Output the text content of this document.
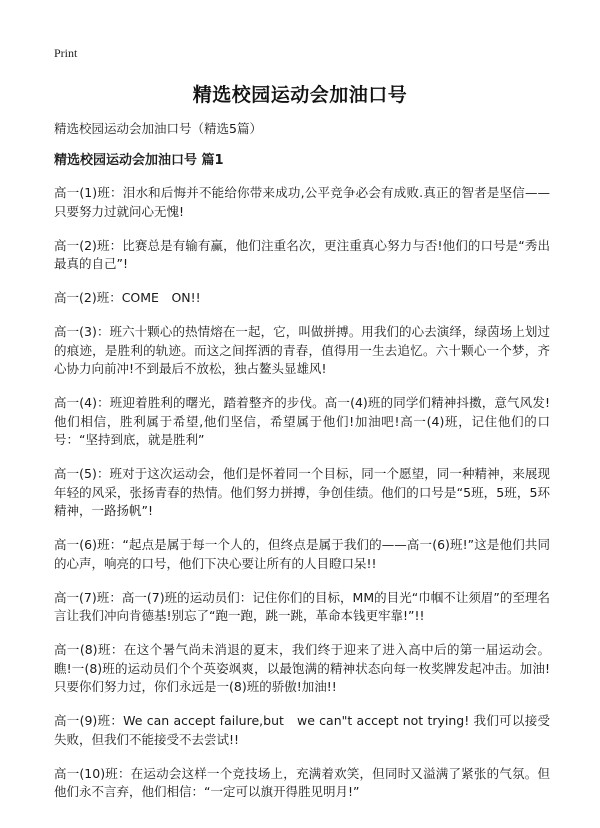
Print
精选校园运动会加油口号

精选校园运动会加油口号（精选5篇）

精选校园运动会加油口号 篇1

高一(1)班：泪水和后悔并不能给你带来成功,公平竞争必会有成败.真正的智者是坚信——只要努力过就问心无愧!

高一(2)班：比赛总是有输有赢，他们注重名次，更注重真心努力与否!他们的口号是“秀出最真的自己”!

高一(2)班：COME　ON!!

高一(3)：班六十颗心的热情熔在一起，它，叫做拼搏。用我们的心去演绎，绿茵场上划过的痕迹，是胜利的轨迹。而这之间挥洒的青春，值得用一生去追忆。六十颗心一个梦，齐心协力向前冲!不到最后不放松，独占鳌头显雄风!

高一(4)：班迎着胜利的曙光，踏着整齐的步伐。高一(4)班的同学们精神抖擞，意气风发!他们相信，胜利属于希望,他们坚信，希望属于他们!加油吧!高一(4)班，记住他们的口号：“坚持到底，就是胜利”

高一(5)：班对于这次运动会，他们是怀着同一个目标，同一个愿望，同一种精神，来展现年轻的风采，张扬青春的热情。他们努力拼搏，争创佳绩。他们的口号是“5班，5班，5环精神，一路扬帆”!

高一(6)班：“起点是属于每一个人的，但终点是属于我们的——高一(6)班!”这是他们共同的心声，响亮的口号，他们下决心要让所有的人目瞪口呆!!

高一(7)班：高一(7)班的运动员们：记住你们的目标，MM的目光“巾帼不让须眉”的至理名言让我们冲向肯德基!别忘了“跑一跑，跳一跳，革命本钱更牢靠!”!!

高一(8)班：在这个暑气尚未消退的夏末，我们终于迎来了进入高中后的第一届运动会。瞧!一(8)班的运动员们个个英姿飒爽，以最饱满的精神状态向每一枚奖牌发起冲击。加油!只要你们努力过，你们永远是一(8)班的骄傲!加油!!

高一(9)班：We can accept failure,but　we can"t accept not trying! 我们可以接受失败，但我们不能接受不去尝试!!

高一(10)班：在运动会这样一个竞技场上，充满着欢笑，但同时又溢满了紧张的气氛。但他们永不言弃，他们相信：“一定可以旗开得胜见明月!”
